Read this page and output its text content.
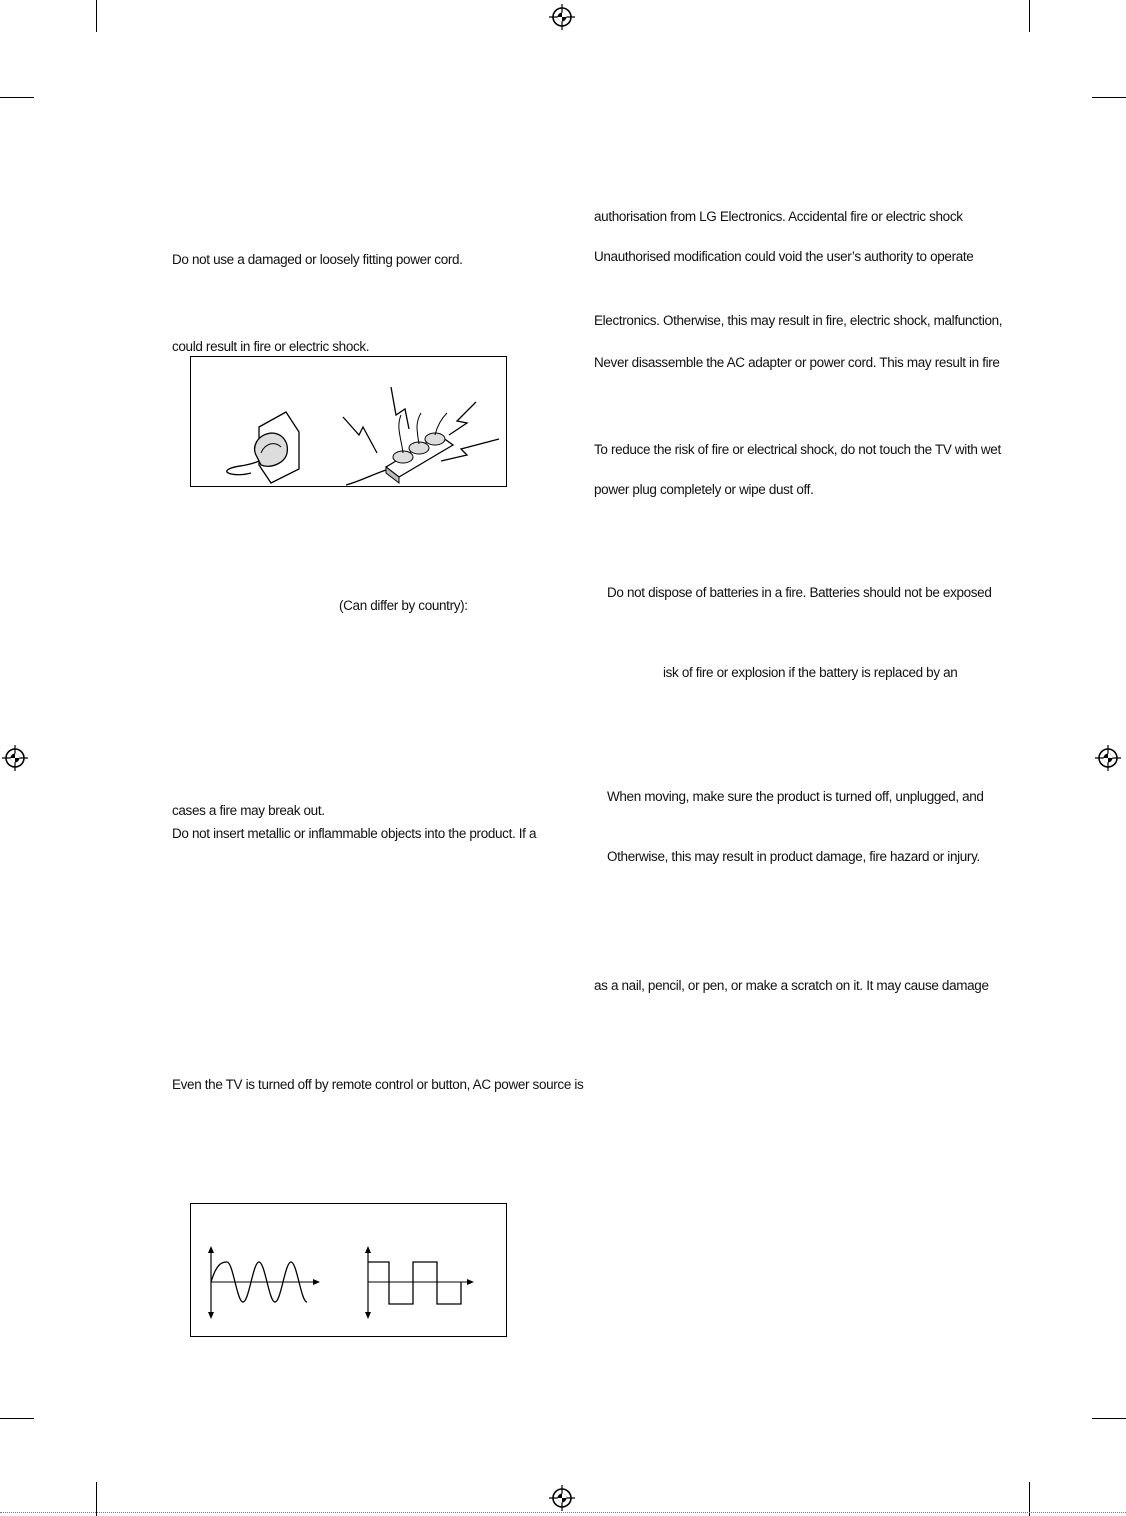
Do not use a damaged or loosely fitting power cord.
could result in fire or electric shock.
(Can differ by country):
cases a fire may break out.
Do not insert metallic or inflammable objects into the product. If a
Even the TV is turned off by remote control or button, AC power source is
authorisation from LG Electronics. Accidental fire or electric shock
Unauthorised modification could void the user’s authority to operate
Electronics. Otherwise, this may result in fire, electric shock, malfunction,
Never disassemble the AC adapter or power cord. This may result in fire
To reduce the risk of fire or electrical shock, do not touch the TV with wet
power plug completely or wipe dust off.
Do not dispose of batteries in a fire. Batteries should not be exposed
isk of fire or explosion if the battery is replaced by an
When moving, make sure the product is turned off, unplugged, and
Otherwise, this may result in product damage, fire hazard or injury.
as a nail, pencil, or pen, or make a scratch on it. It may cause damage
